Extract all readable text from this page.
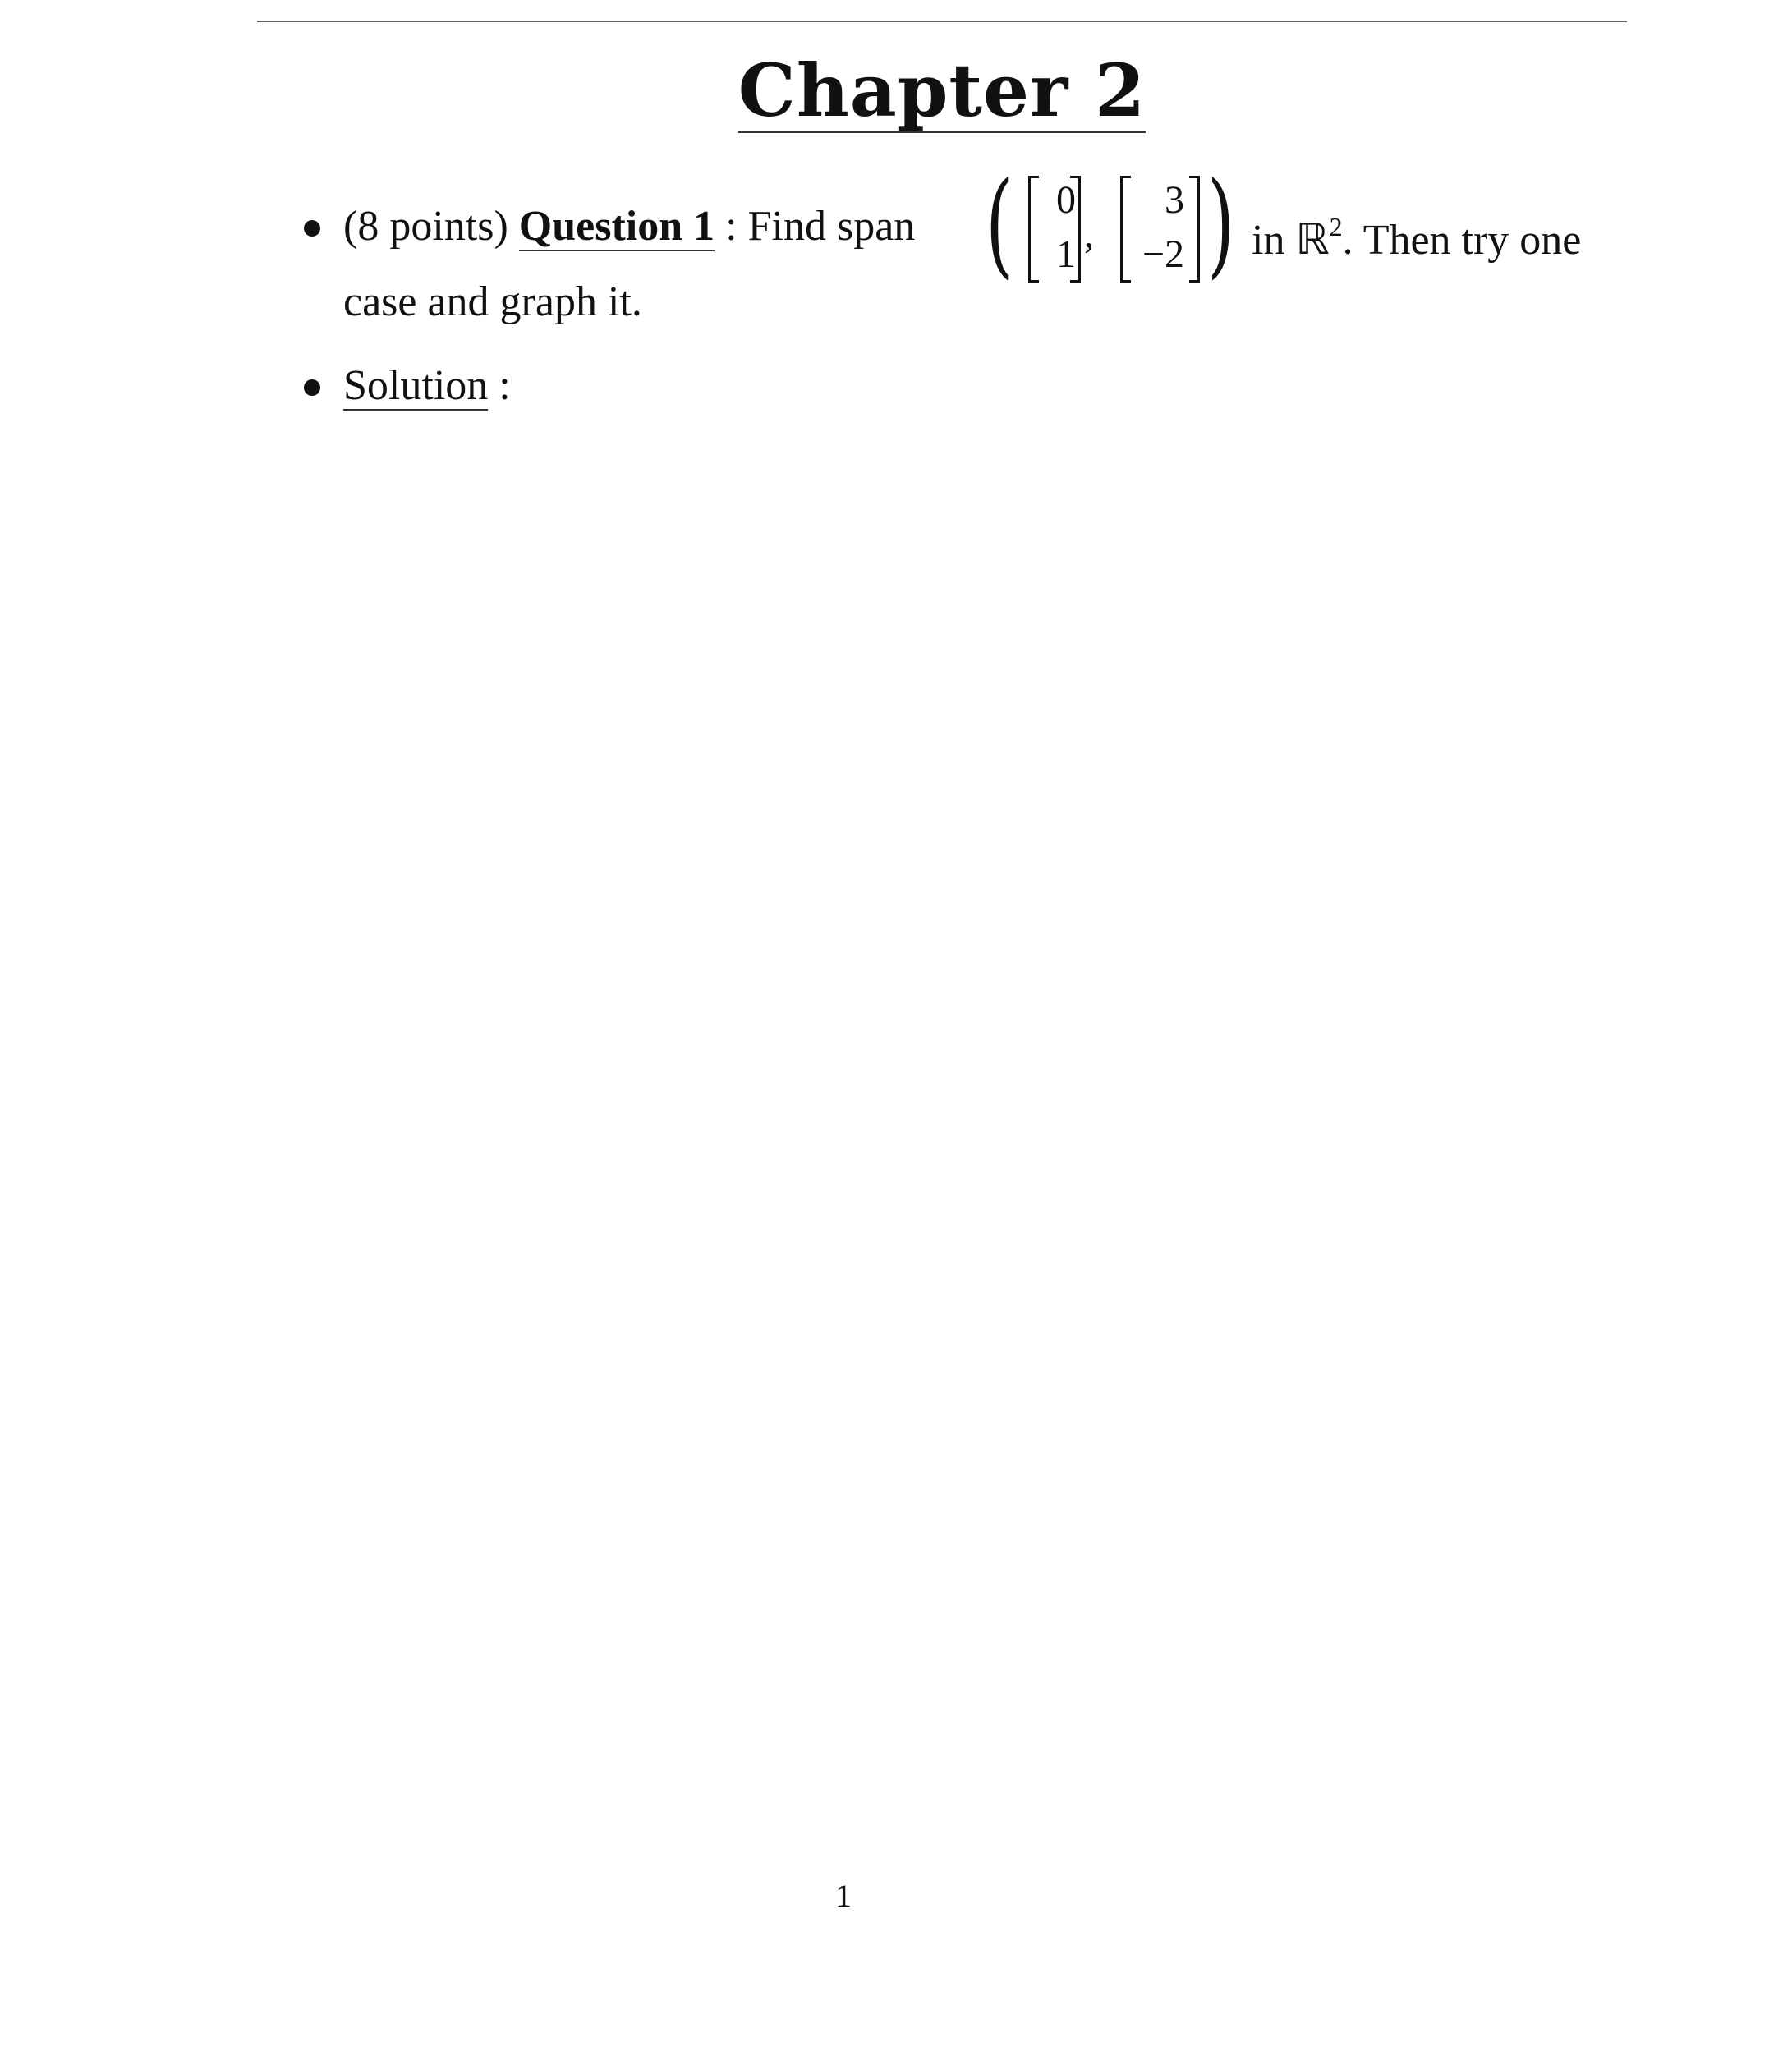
Chapter 2
(8 points) Question 1 : Find span (	0
1 ,
3
−2 ) in ℝ$^2$. Then try one
case and graph it.
Solution :
1
